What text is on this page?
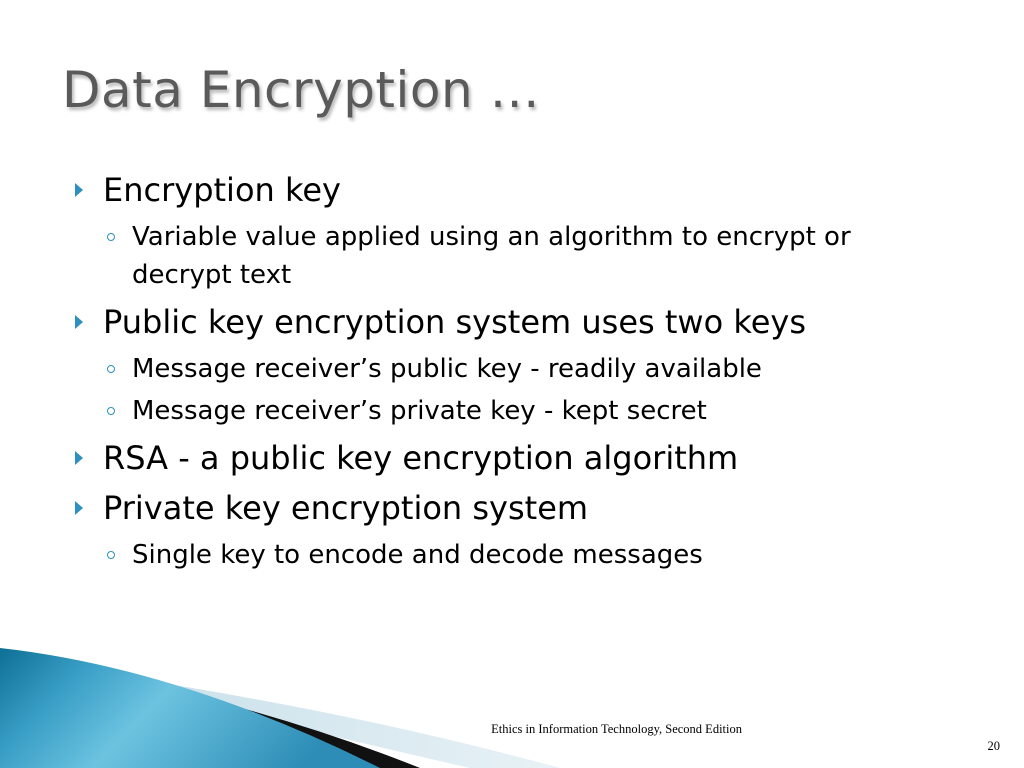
Data Encryption …
Encryption key
Variable value applied using an algorithm to encrypt or decrypt text
Public key encryption system uses two keys
Message receiver’s public key - readily available
Message receiver’s private key - kept secret
RSA - a public key encryption algorithm
Private key encryption system
Single key to encode and decode messages
Ethics in Information Technology, Second Edition
20
